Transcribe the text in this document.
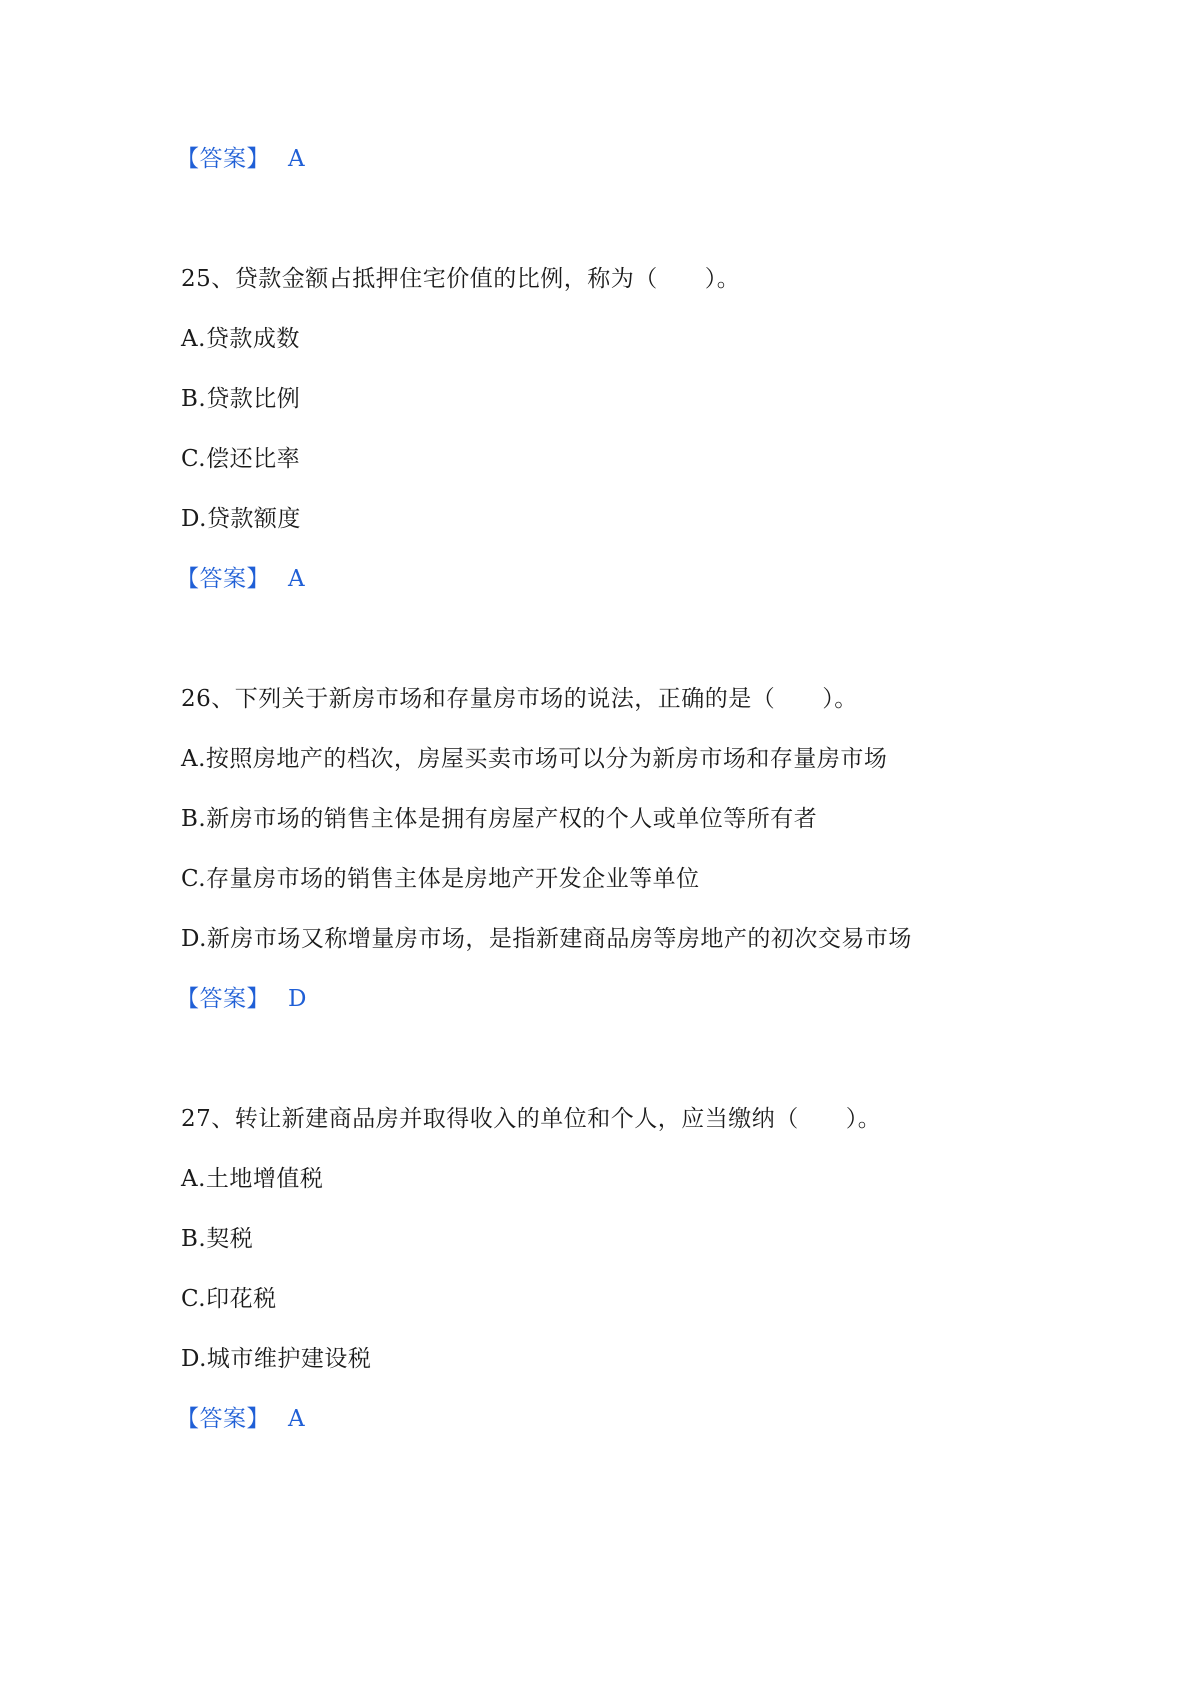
【答案】 A
25、贷款金额占抵押住宅价值的比例，称为（　　）。
A.贷款成数
B.贷款比例
C.偿还比率
D.贷款额度
【答案】 A
26、下列关于新房市场和存量房市场的说法，正确的是（　　）。
A.按照房地产的档次，房屋买卖市场可以分为新房市场和存量房市场
B.新房市场的销售主体是拥有房屋产权的个人或单位等所有者
C.存量房市场的销售主体是房地产开发企业等单位
D.新房市场又称增量房市场，是指新建商品房等房地产的初次交易市场
【答案】 D
27、转让新建商品房并取得收入的单位和个人，应当缴纳（　　）。
A.土地增值税
B.契税
C.印花税
D.城市维护建设税
【答案】 A
